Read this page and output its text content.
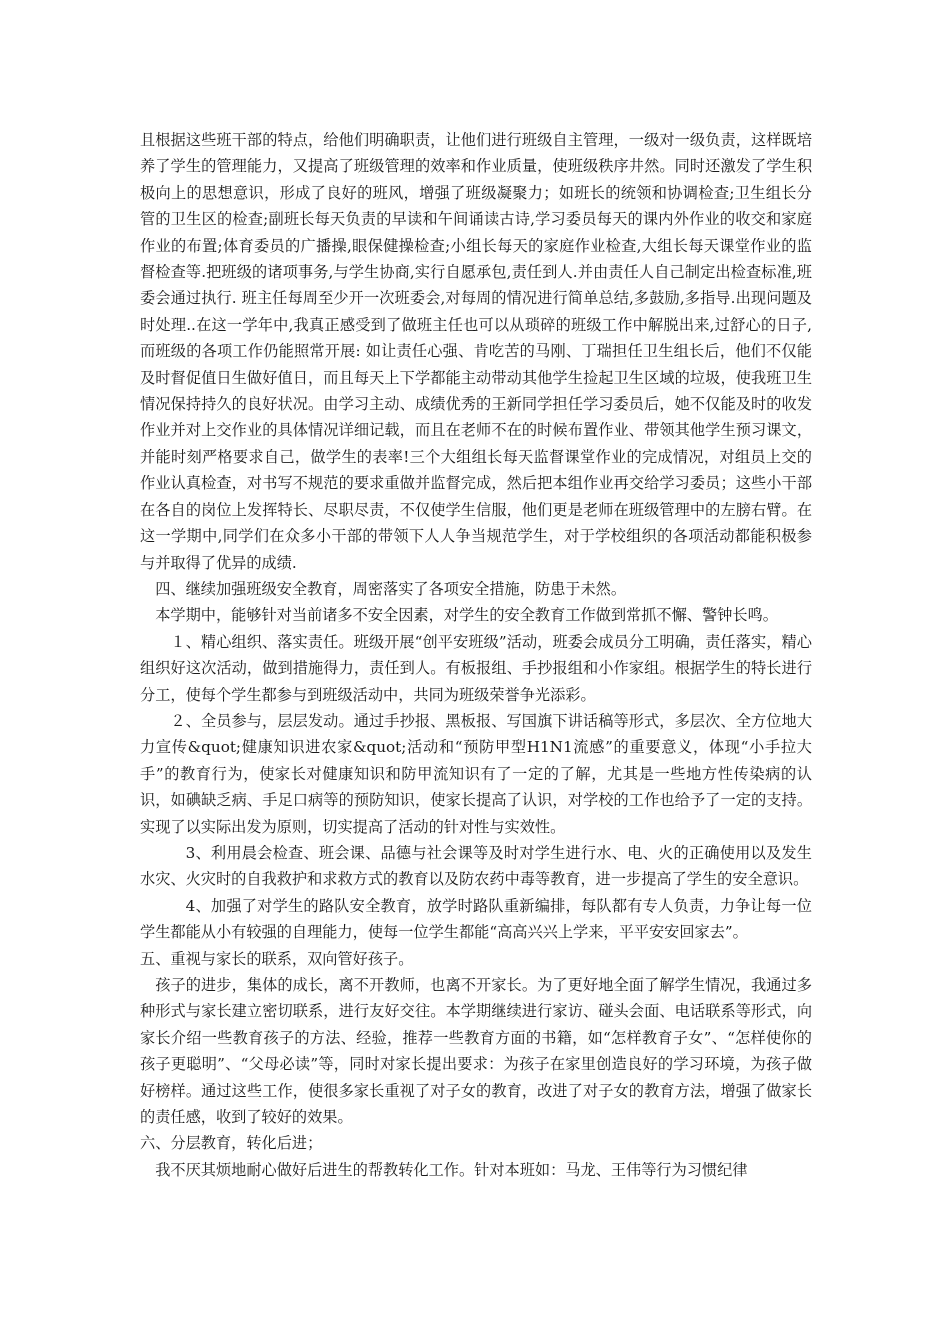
且根据这些班干部的特点，给他们明确职责，让他们进行班级自主管理，一级对一级负责，这样既培养了学生的管理能力，又提高了班级管理的效率和作业质量，使班级秩序井然。同时还激发了学生积极向上的思想意识，形成了良好的班风，增强了班级凝聚力；如班长的统领和协调检查;卫生组长分管的卫生区的检查;副班长每天负责的早读和午间诵读古诗,学习委员每天的课内外作业的收交和家庭作业的布置;体育委员的广播操,眼保健操检查;小组长每天的家庭作业检查,大组长每天课堂作业的监督检查等.把班级的诸项事务,与学生协商,实行自愿承包,责任到人.并由责任人自己制定出检查标准,班委会通过执行. 班主任每周至少开一次班委会,对每周的情况进行简单总结,多鼓励,多指导.出现问题及时处理..在这一学年中,我真正感受到了做班主任也可以从琐碎的班级工作中解脱出来,过舒心的日子,而班级的各项工作仍能照常开展: 如让责任心强、肯吃苦的马刚、丁瑞担任卫生组长后，他们不仅能及时督促值日生做好值日，而且每天上下学都能主动带动其他学生捡起卫生区域的垃圾，使我班卫生情况保持持久的良好状况。由学习主动、成绩优秀的王新同学担任学习委员后，她不仅能及时的收发作业并对上交作业的具体情况详细记载，而且在老师不在的时候布置作业、带领其他学生预习课文，并能时刻严格要求自己，做学生的表率!三个大组组长每天监督课堂作业的完成情况，对组员上交的作业认真检查，对书写不规范的要求重做并监督完成，然后把本组作业再交给学习委员；这些小干部在各自的岗位上发挥特长、尽职尽责，不仅使学生信服，他们更是老师在班级管理中的左膀右臂。在这一学期中,同学们在众多小干部的带领下人人争当规范学生，对于学校组织的各项活动都能积极参与并取得了优异的成绩.

四、继续加强班级安全教育，周密落实了各项安全措施，防患于未然。

本学期中，能够针对当前诸多不安全因素，对学生的安全教育工作做到常抓不懈、警钟长鸣。

１、精心组织、落实责任。班级开展“创平安班级”活动，班委会成员分工明确，责任落实，精心组织好这次活动，做到措施得力，责任到人。有板报组、手抄报组和小作家组。根据学生的特长进行分工，使每个学生都参与到班级活动中，共同为班级荣誉争光添彩。

２、全员参与，层层发动。通过手抄报、黑板报、写国旗下讲话稿等形式，多层次、全方位地大力宣传&quot;健康知识进农家&quot;活动和“预防甲型H1N1流感”的重要意义，体现“小手拉大手”的教育行为，使家长对健康知识和防甲流知识有了一定的了解，尤其是一些地方性传染病的认识，如碘缺乏病、手足口病等的预防知识，使家长提高了认识，对学校的工作也给予了一定的支持。实现了以实际出发为原则，切实提高了活动的针对性与实效性。

3、利用晨会检查、班会课、品德与社会课等及时对学生进行水、电、火的正确使用以及发生水灾、火灾时的自我救护和求救方式的教育以及防农药中毒等教育，进一步提高了学生的安全意识。

4、加强了对学生的路队安全教育，放学时路队重新编排，每队都有专人负责，力争让每一位学生都能从小有较强的自理能力，使每一位学生都能“高高兴兴上学来，平平安安回家去”。

五、重视与家长的联系，双向管好孩子。

孩子的进步，集体的成长，离不开教师，也离不开家长。为了更好地全面了解学生情况，我通过多种形式与家长建立密切联系，进行友好交往。本学期继续进行家访、碰头会面、电话联系等形式，向家长介绍一些教育孩子的方法、经验，推荐一些教育方面的书籍，如“怎样教育子女”、“怎样使你的孩子更聪明”、“父母必读”等，同时对家长提出要求：为孩子在家里创造良好的学习环境，为孩子做好榜样。通过这些工作，使很多家长重视了对子女的教育，改进了对子女的教育方法，增强了做家长的责任感，收到了较好的效果。

六、分层教育，转化后进；

我不厌其烦地耐心做好后进生的帮教转化工作。针对本班如：马龙、王伟等行为习惯纪律
